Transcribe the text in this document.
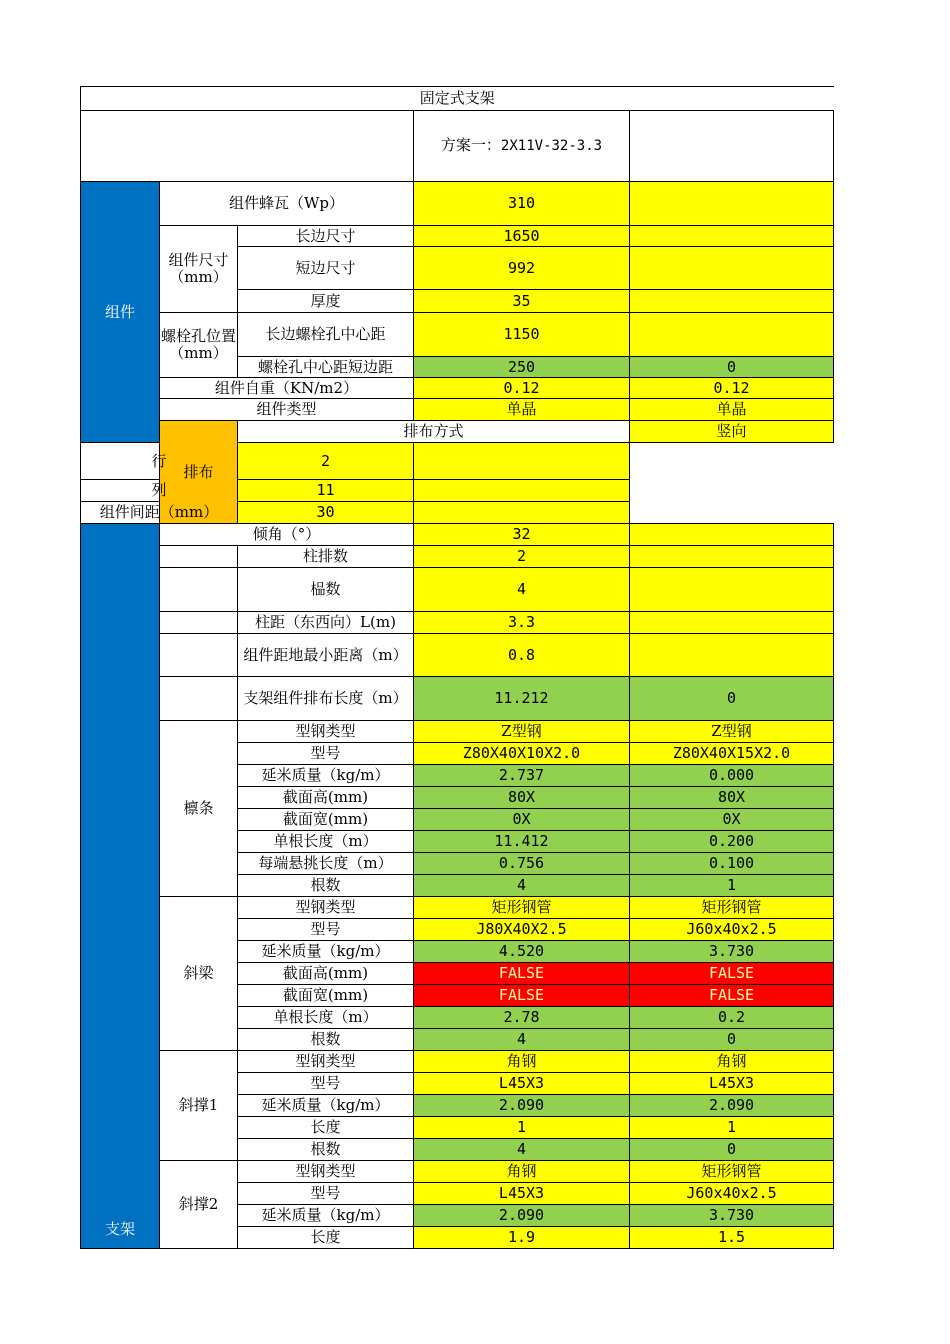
固定式支架					
			方案一：2X11V-32-3.3		
组件	组件蜂瓦（Wp）		310		
	组件尺寸（mm）	长边尺寸	1650		
		短边尺寸	992		
		厚度	35		
	螺栓孔位置（mm）	长边螺栓孔中心距	1150		
		螺栓孔中心距短边距	250	0	
	组件自重（KN/m2）		0.12	0.12	
	组件类型		单晶	单晶	
	排布	排布方式		竖向	
行		2			
列		11			
组件间距（mm）		30			
支架	倾角（°）		32		
		柱排数	2		
		榀数	4		
		柱距（东西向）L(m)	3.3		
		组件距地最小距离（m）	0.8		
		支架组件排布长度（m）	11.212	0	
	檩条	型钢类型	Z型钢	Z型钢	
		型号	Z80X40X10X2.0	Z80X40X15X2.0	
		延米质量（kg/m）	2.737	0.000	
		截面高(mm)	80X	80X	
		截面宽(mm)	0X	0X	
		单根长度（m）	11.412	0.200	
		每端悬挑长度（m）	0.756	0.100	
		根数	4	1	
	斜梁	型钢类型	矩形钢管	矩形钢管	
		型号	J80X40X2.5	J60x40x2.5	
		延米质量（kg/m）	4.520	3.730	
		截面高(mm)	FALSE	FALSE	
		截面宽(mm)	FALSE	FALSE	
		单根长度（m）	2.78	0.2	
		根数	4	0	
	斜撑1	型钢类型	角钢	角钢	
		型号	L45X3	L45X3	
		延米质量（kg/m）	2.090	2.090	
		长度	1	1	
		根数	4	0	
	斜撑2	型钢类型	角钢	矩形钢管	
		型号	L45X3	J60x40x2.5	
		延米质量（kg/m）	2.090	3.730	
		长度	1.9	1.5	
